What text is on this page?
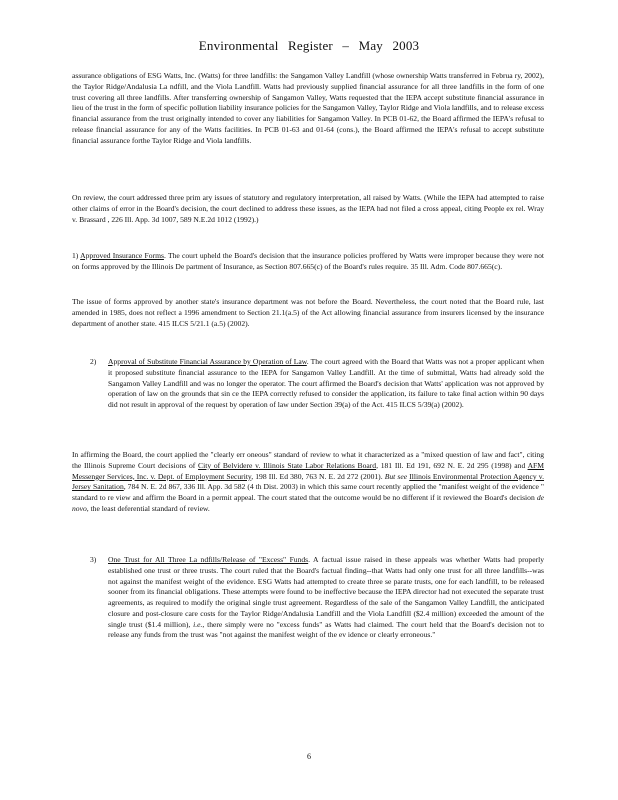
Environmental Register – May 2003

assurance obligations of ESG Watts, Inc. (Watts) for three landfills: the Sangamon Valley Landfill (whose ownership Watts transferred in Februa ry, 2002), the Taylor Ridge/Andalusia La ndfill, and the Viola Landfill. Watts had previously supplied financial assurance for all three landfills in the form of one trust covering all three landfills. After transferring ownership of Sangamon Valley, Watts requested that the IEPA accept substitute financial assurance in lieu of the trust in the form of specific pollution liability insurance policies for the Sangamon Valley, Taylor Ridge and Viola landfills, and to release excess financial assurance from the trust originally intended to cover any liabilities for Sangamon Valley. In PCB 01-62, the Board affirmed the IEPA's refusal to release financial assurance for any of the Watts facilities. In PCB 01-63 and 01-64 (cons.), the Board affirmed the IEPA's refusal to accept substitute financial assurance forthe Taylor Ridge and Viola landfills.

On review, the court addressed three prim ary issues of statutory and regulatory interpretation, all raised by Watts. (While the IEPA had attempted to raise other claims of error in the Board's decision, the court declined to address these issues, as the IEPA had not filed a cross appeal, citing People ex rel. Wray v. Brassard , 226 Ill. App. 3d 1007, 589 N.E.2d 1012 (1992).)

1) Approved Insurance Forms. The court upheld the Board's decision that the insurance policies proffered by Watts were improper because they were not on forms approved by the Illinois De partment of Insurance, as Section 807.665(c) of the Board's rules require. 35 Ill. Adm. Code 807.665(c).

The issue of forms approved by another state's insurance department was not before the Board. Nevertheless, the court noted that the Board rule, last amended in 1985, does not reflect a 1996 amendment to Section 21.1(a.5) of the Act allowing financial assurance from insurers licensed by the insurance department of another state. 415 ILCS 5/21.1 (a.5) (2002).

2) Approval of Substitute Financial Assurance by Operation of Law. The court agreed with the Board that Watts was not a proper applicant when it proposed substitute financial assurance to the IEPA for Sangamon Valley Landfill. At the time of submittal, Watts had already sold the Sangamon Valley Landfill and was no longer the operator. The court affirmed the Board's decision that Watts' application was not approved by operation of law on the grounds that sin ce the IEPA correctly refused to consider the application, its failure to take final action within 90 days did not result in approval of the request by operation of law under Section 39(a) of the Act. 415 ILCS 5/39(a) (2002).

In affirming the Board, the court applied the "clearly err oneous" standard of review to what it characterized as a "mixed question of law and fact", citing the Illinois Supreme Court decisions of City of Belvidere v. Illinois State Labor Relations Board, 181 Ill. Ed 191, 692 N. E. 2d 295 (1998) and AFM Messenger Services, Inc. v. Dept. of Employment Security, 198 Ill. Ed 380, 763 N. E. 2d 272 (2001). But see Illinois Environmental Protection Agency v. Jersey Sanitation, 784 N. E. 2d 867, 336 Ill. App. 3d 582 (4 th Dist. 2003) in which this same court recently applied the "manifest weight of the evidence " standard to re view and affirm the Board in a permit appeal. The court stated that the outcome would be no different if it reviewed the Board's decision de novo, the least deferential standard of review.

3) One Trust for All Three La ndfills/Release of "Excess" Funds. A factual issue raised in these appeals was whether Watts had properly established one trust or three trusts. The court ruled that the Board's factual finding--that Watts had only one trust for all three landfills--was not against the manifest weight of the evidence. ESG Watts had attempted to create three se parate trusts, one for each landfill, to be released sooner from its financial obligations. These attempts were found to be ineffective because the IEPA director had not executed the separate trust agreements, as required to modify the original single trust agreement. Regardless of the sale of the Sangamon Valley Landfill, the anticipated closure and post-closure care costs for the Taylor Ridge/Andalusia Landfill and the Viola Landfill ($2.4 million) exceeded the amount of the single trust ($1.4 million), i.e., there simply were no "excess funds" as Watts had claimed. The court held that the Board's decision not to release any funds from the trust was "not against the manifest weight of the ev idence or clearly erroneous."

6
